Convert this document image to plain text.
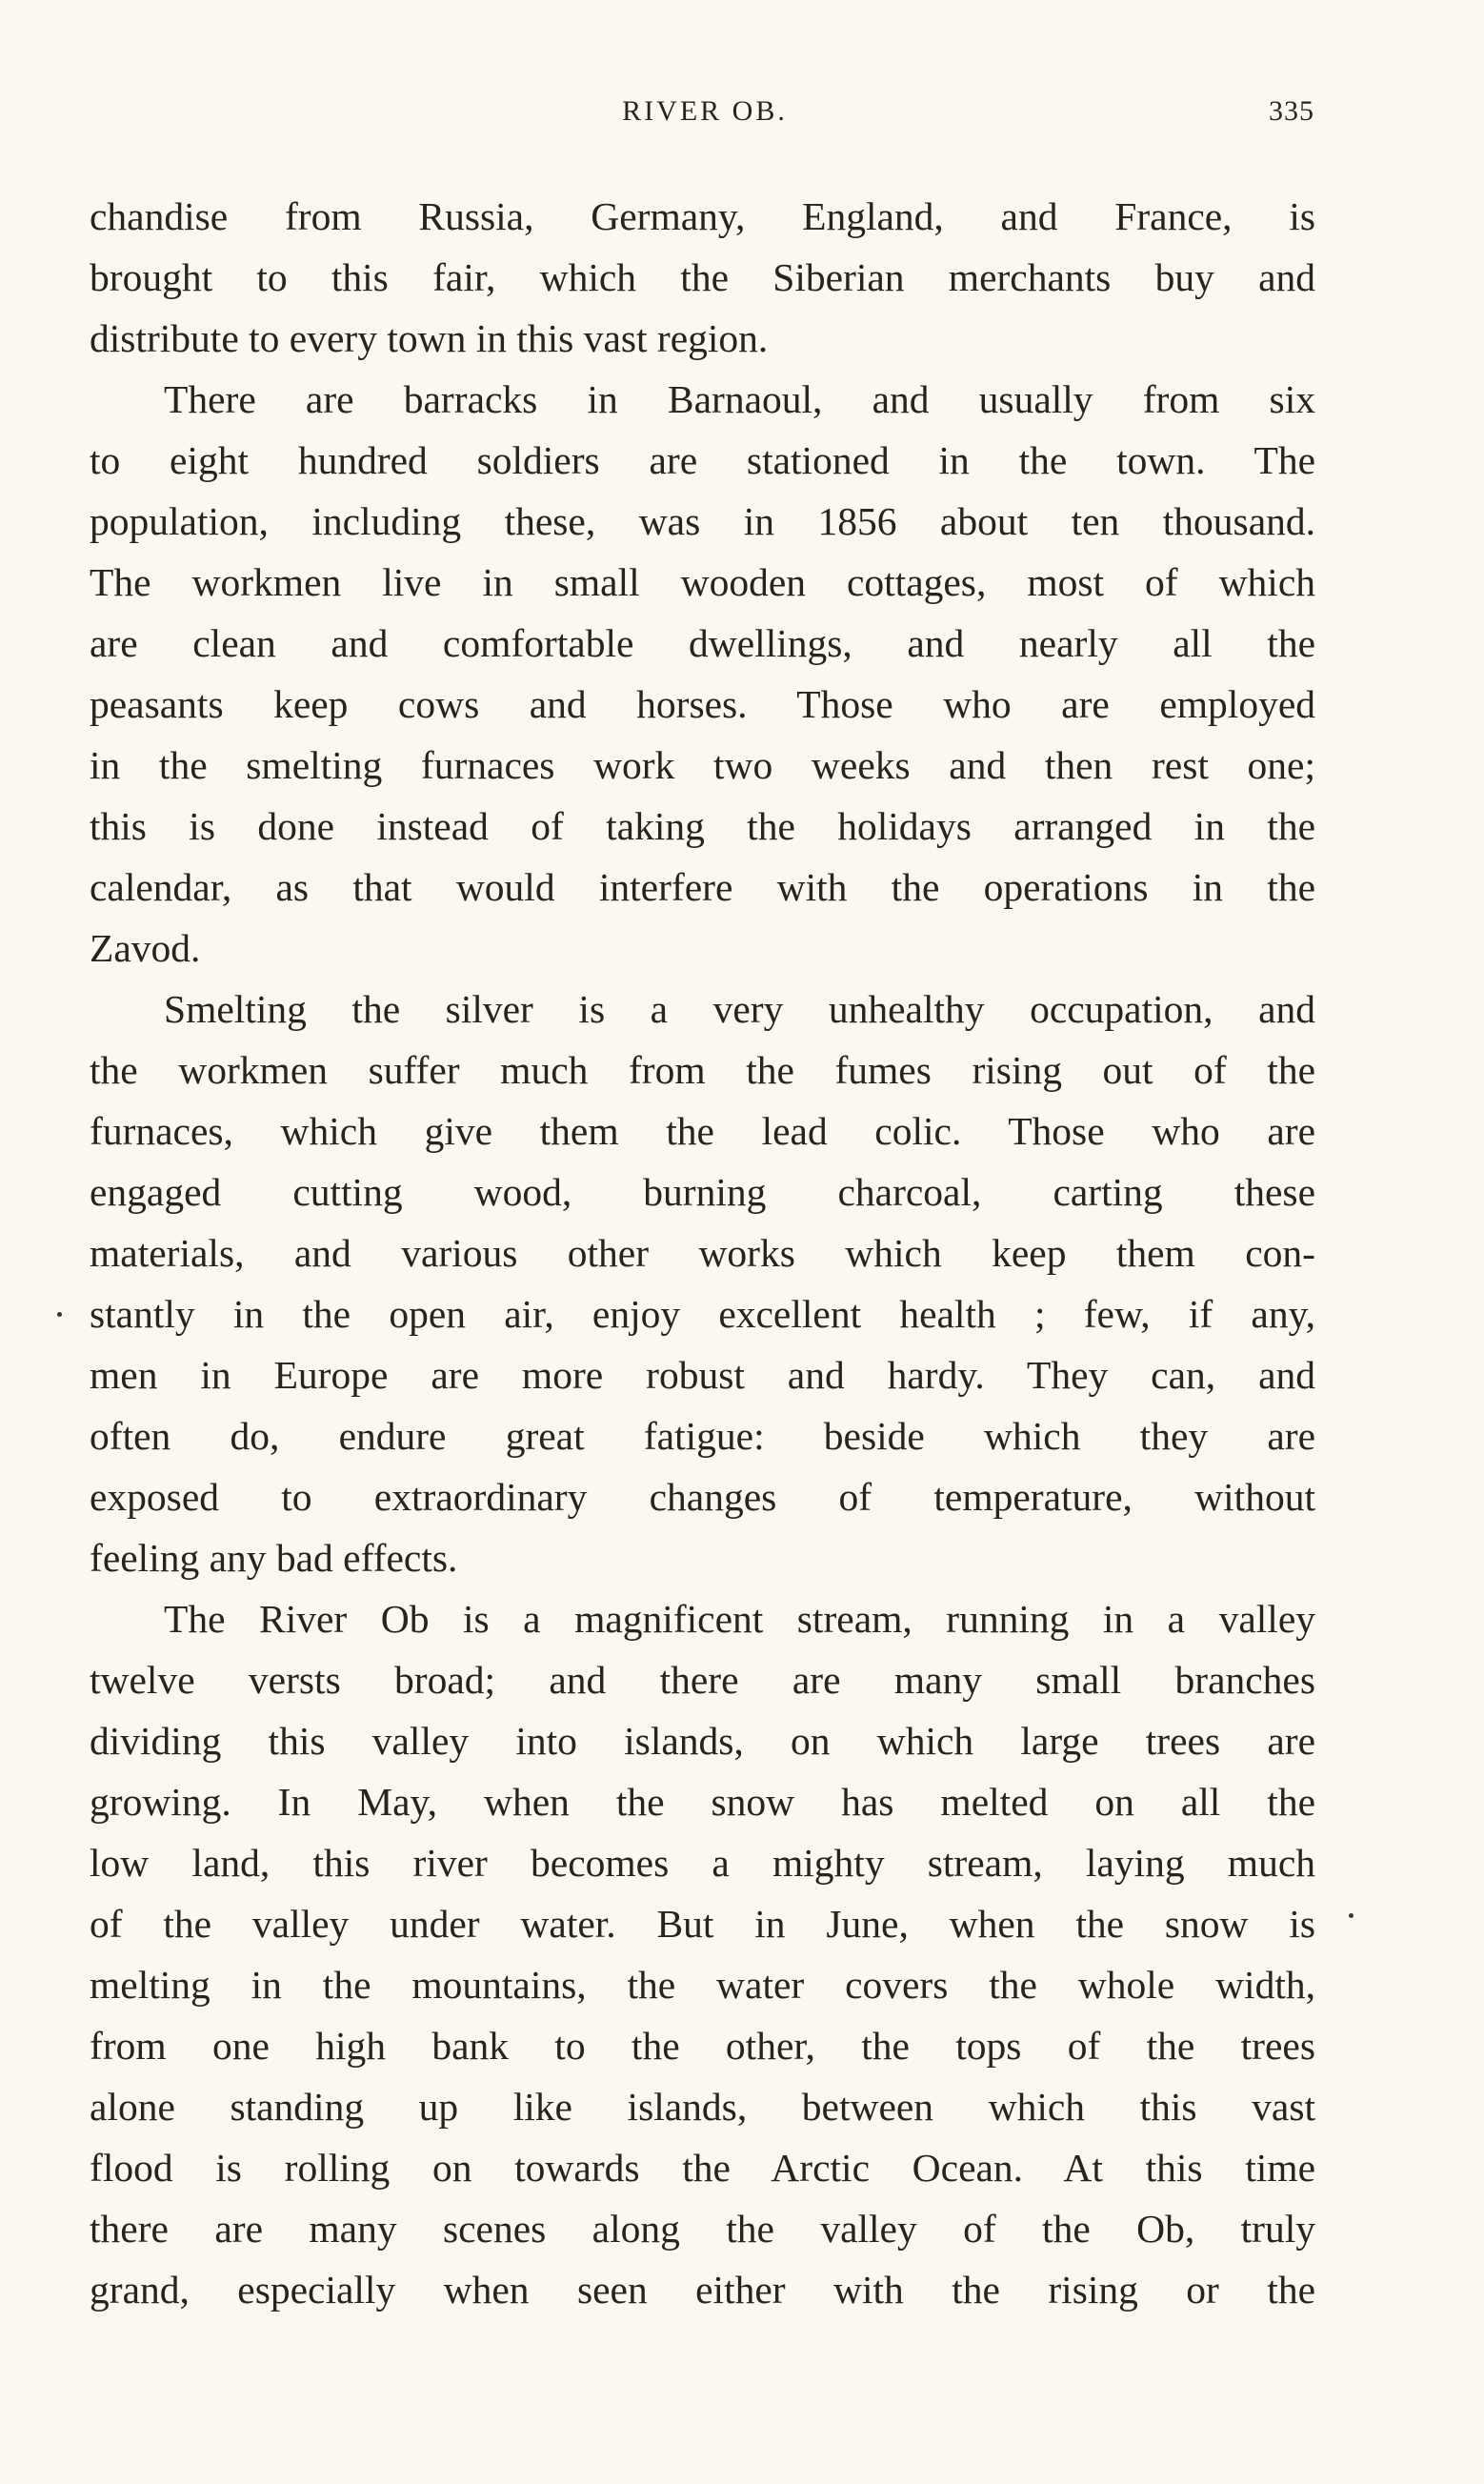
RIVER OB.	335
chandise from Russia, Germany, England, and France, is
brought to this fair, which the Siberian merchants buy and
distribute to every town in this vast region.
There are barracks in Barnaoul, and usually from six
to eight hundred soldiers are stationed in the town. The
population, including these, was in 1856 about ten thousand.
The workmen live in small wooden cottages, most of which
are clean and comfortable dwellings, and nearly all the
peasants keep cows and horses. Those who are employed
in the smelting furnaces work two weeks and then rest one;
this is done instead of taking the holidays arranged in the
calendar, as that would interfere with the operations in the
Zavod.
Smelting the silver is a very unhealthy occupation, and
the workmen suffer much from the fumes rising out of the
furnaces, which give them the lead colic. Those who are
engaged cutting wood, burning charcoal, carting these
materials, and various other works which keep them con-
stantly in the open air, enjoy excellent health ; few, if any,
men in Europe are more robust and hardy. They can, and
often do, endure great fatigue: beside which they are
exposed to extraordinary changes of temperature, without
feeling any bad effects.
The River Ob is a magnificent stream, running in a valley
twelve versts broad; and there are many small branches
dividing this valley into islands, on which large trees are
growing. In May, when the snow has melted on all the
low land, this river becomes a mighty stream, laying much
of the valley under water. But in June, when the snow is
melting in the mountains, the water covers the whole width,
from one high bank to the other, the tops of the trees
alone standing up like islands, between which this vast
flood is rolling on towards the Arctic Ocean. At this time
there are many scenes along the valley of the Ob, truly
grand, especially when seen either with the rising or the
